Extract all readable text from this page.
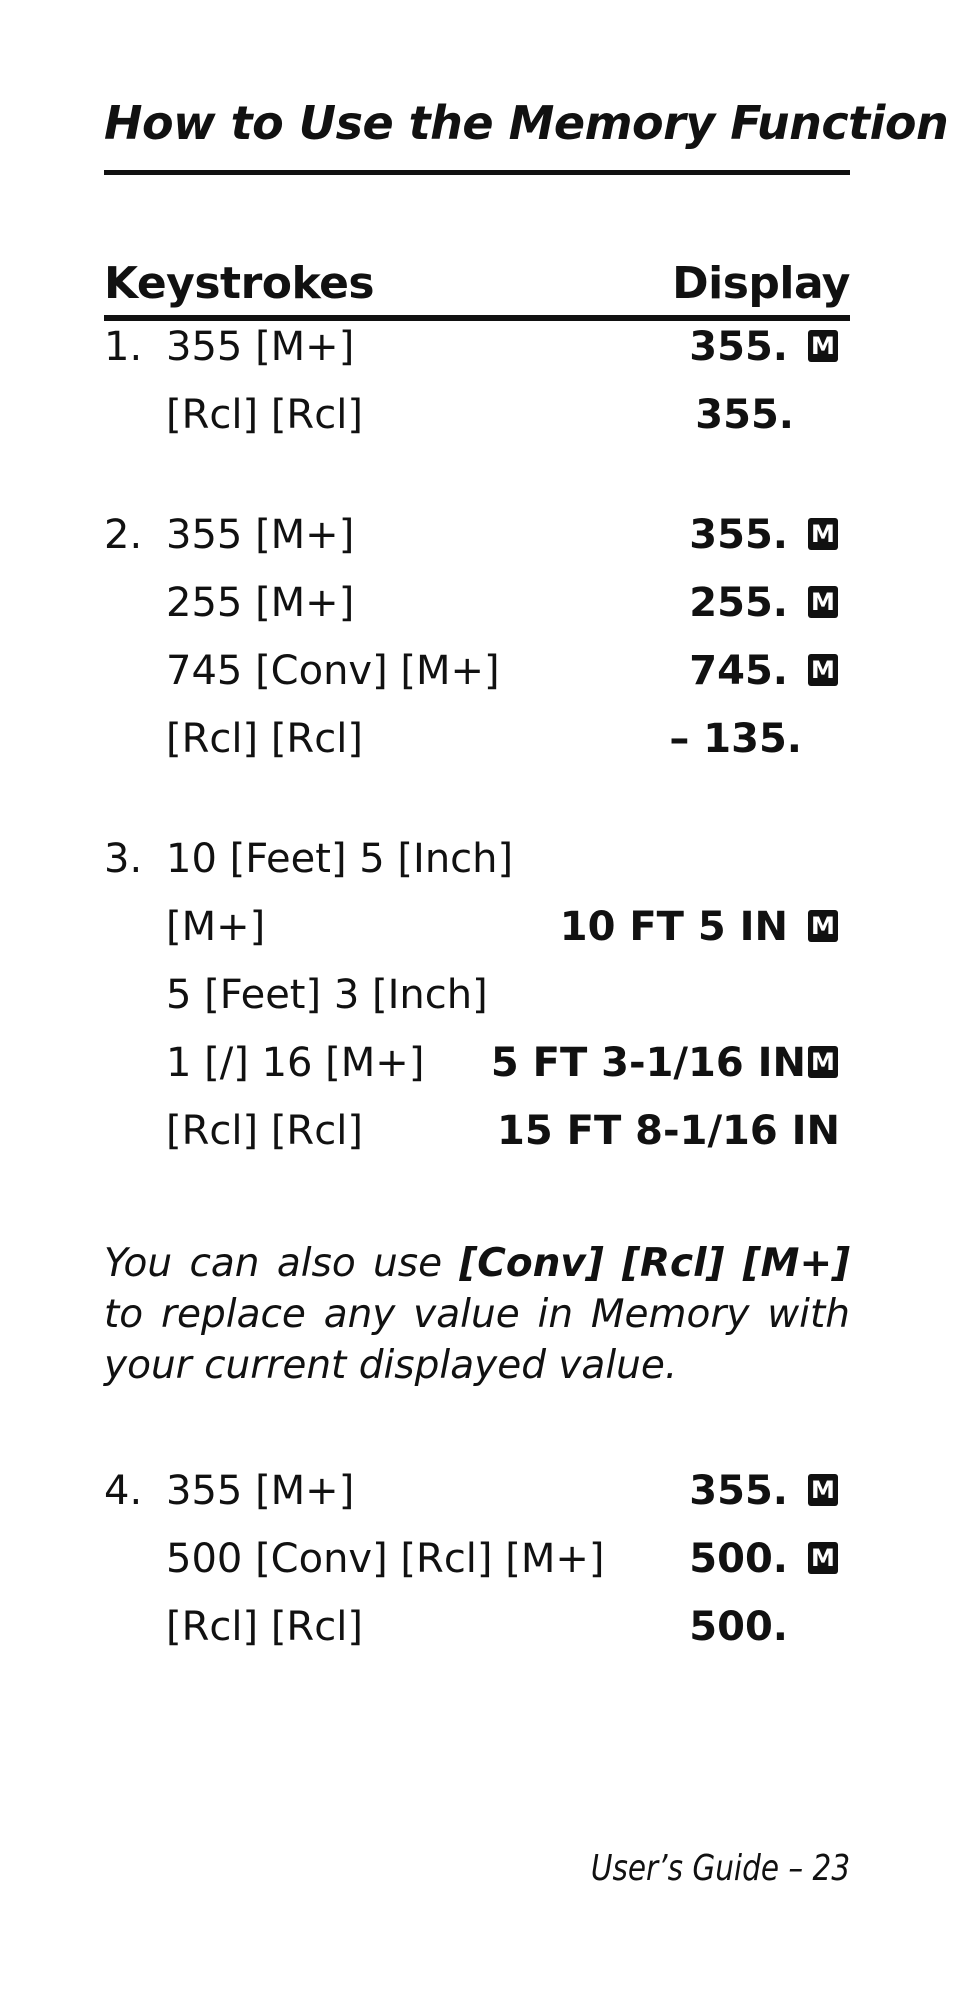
How to Use the Memory Function
Keystrokes	Display
1. 355 [M+]	355. M
[Rcl] [Rcl]	355.
2. 355 [M+]	355. M
255 [M+]	255. M
745 [Conv] [M+]	745. M
[Rcl] [Rcl]	– 135.
3. 10 [Feet] 5 [Inch]
[M+]	10 FT 5 IN M
5 [Feet] 3 [Inch]
1 [/] 16 [M+] 5 FT 3-1/16 IN M
[Rcl] [Rcl]	15 FT 8-1/16 IN
You can also use [Conv] [Rcl] [M+] to replace any value in Memory with your current displayed value.
4. 355 [M+]	355. M
500 [Conv] [Rcl] [M+] 500. M
[Rcl] [Rcl]	500.
User’s Guide – 23
